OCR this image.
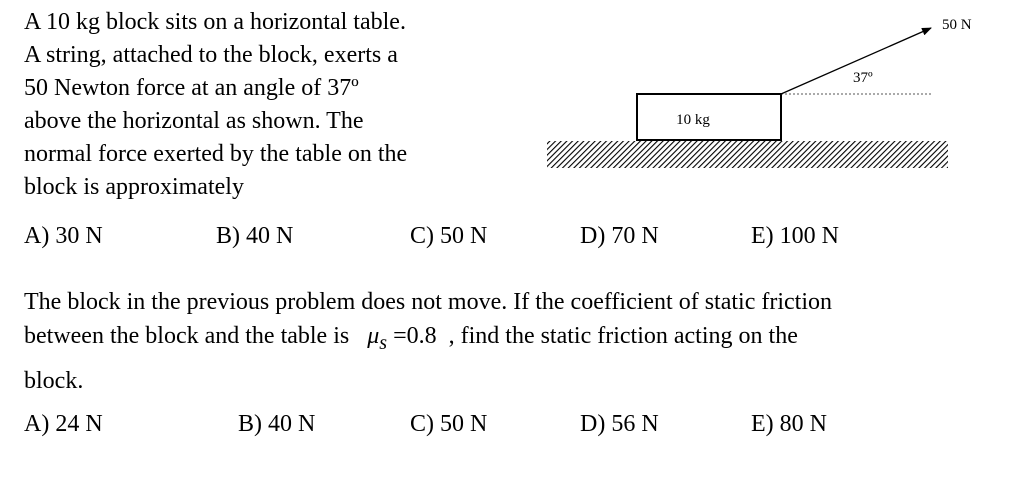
A 10 kg block sits on a horizontal table.
A string, attached to the block, exerts a
50 Newton force at an angle of 37º
above the horizontal as shown. The
normal force exerted by the table on the
block is approximately
10 kg
37º
50 N
A) 30 N	B) 40 N	C) 50 N	D) 70 N	E) 100 N
The block in the previous problem does not move. If the coefficient of static friction
between the block and the table is $\mu_s =0.8$ , find the static friction acting on the
block.
A) 24 N	B) 40 N	C) 50 N	D) 56 N	E) 80 N
